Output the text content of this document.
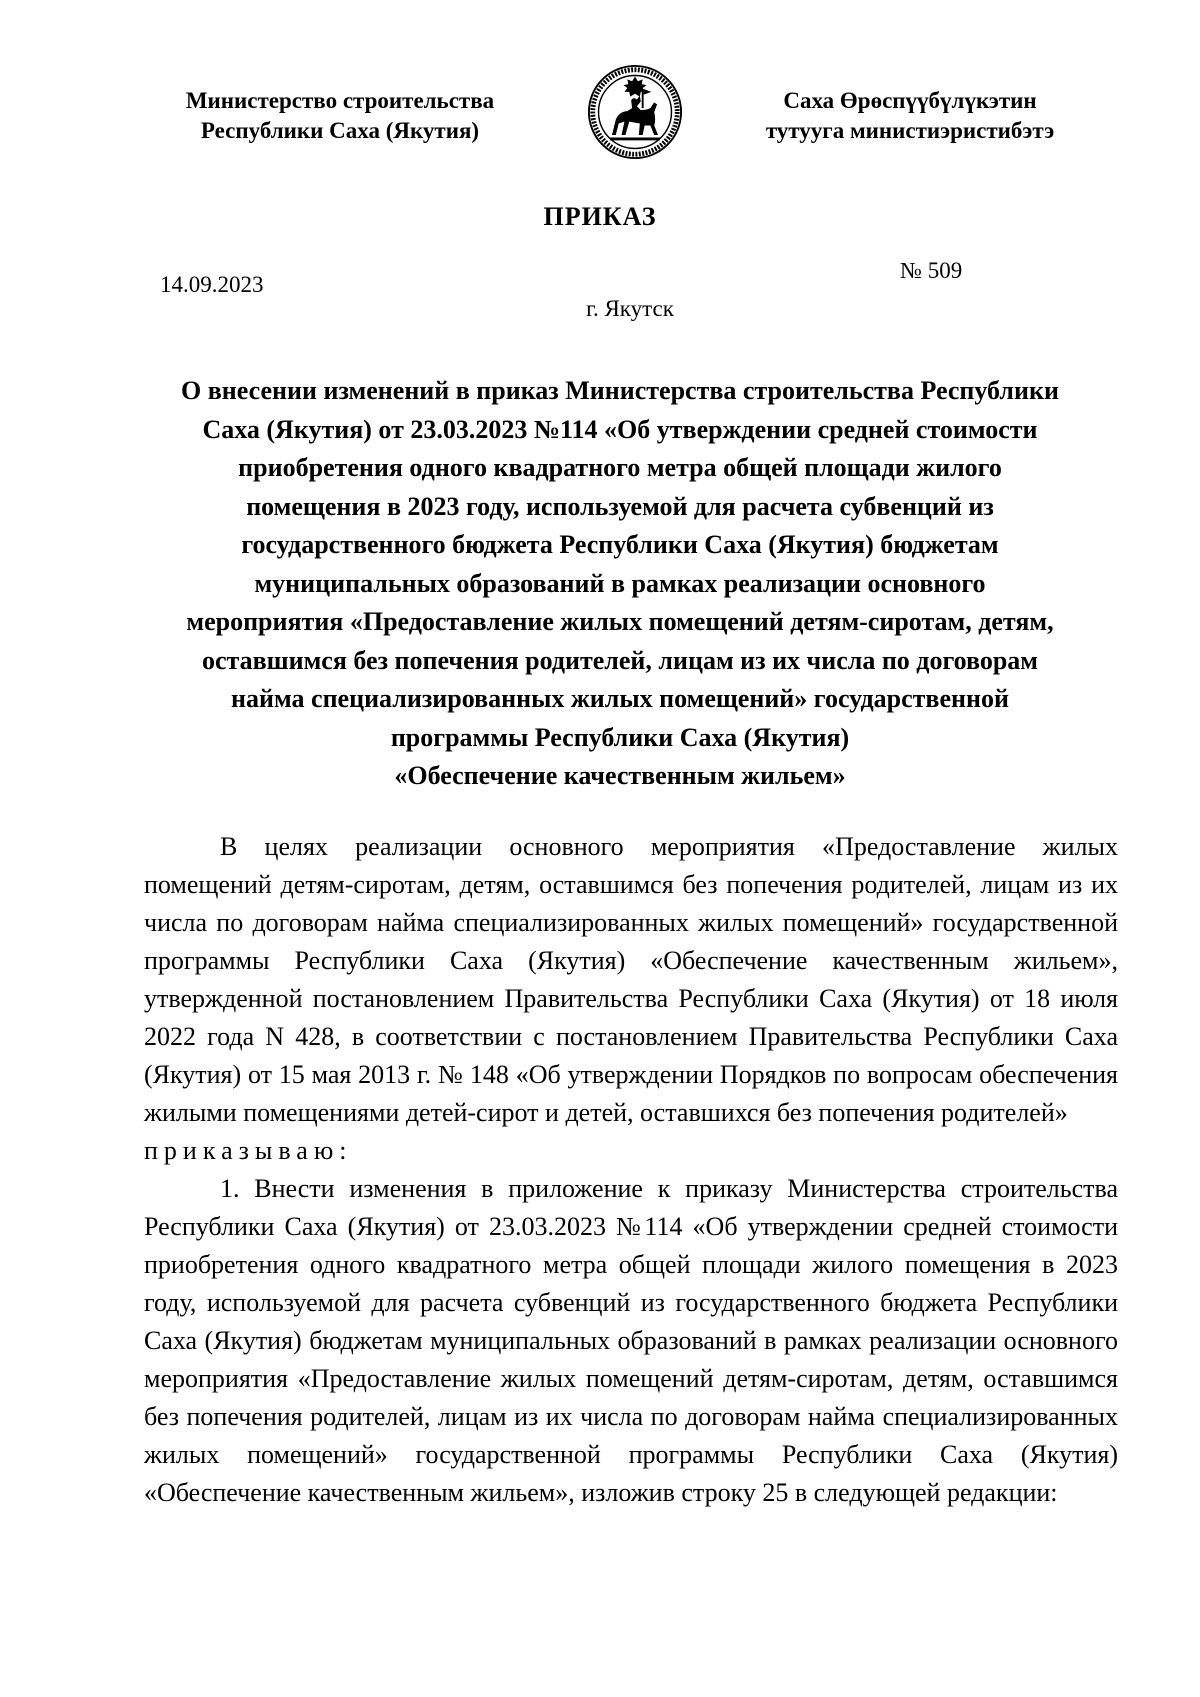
Министерство строительства
Республики Саха (Якутия)
Саха Өрөспүүбүлүкэтин
тутууга министиэристибэтэ
ПРИКАЗ
14.09.2023
№ 509
г. Якутск
О внесении изменений в приказ Министерства строительства Республики
Саха (Якутия) от 23.03.2023 №114 «Об утверждении средней стоимости
приобретения одного квадратного метра общей площади жилого
помещения в 2023 году, используемой для расчета субвенций из
государственного бюджета Республики Саха (Якутия) бюджетам
муниципальных образований в рамках реализации основного
мероприятия «Предоставление жилых помещений детям-сиротам, детям,
оставшимся без попечения родителей, лицам из их числа по договорам
найма специализированных жилых помещений» государственной
программы Республики Саха (Якутия)
«Обеспечение качественным жильем»

В целях реализации основного мероприятия «Предоставление жилых помещений детям-сиротам, детям, оставшимся без попечения родителей, лицам из их числа по договорам найма специализированных жилых помещений» государственной программы Республики Саха (Якутия) «Обеспечение качественным жильем», утвержденной постановлением Правительства Республики Саха (Якутия) от 18 июля 2022 года N 428, в соответствии с постановлением Правительства Республики Саха (Якутия) от 15 мая 2013 г. № 148 «Об утверждении Порядков по вопросам обеспечения жилыми помещениями детей-сирот и детей, оставшихся без попечения родителей»

приказываю:

1. Внести изменения в приложение к приказу Министерства строительства Республики Саха (Якутия) от 23.03.2023 №114 «Об утверждении средней стоимости приобретения одного квадратного метра общей площади жилого помещения в 2023 году, используемой для расчета субвенций из государственного бюджета Республики Саха (Якутия) бюджетам муниципальных образований в рамках реализации основного мероприятия «Предоставление жилых помещений детям-сиротам, детям, оставшимся без попечения родителей, лицам из их числа по договорам найма специализированных жилых помещений» государственной программы Республики Саха (Якутия) «Обеспечение качественным жильем», изложив строку 25 в следующей редакции:
